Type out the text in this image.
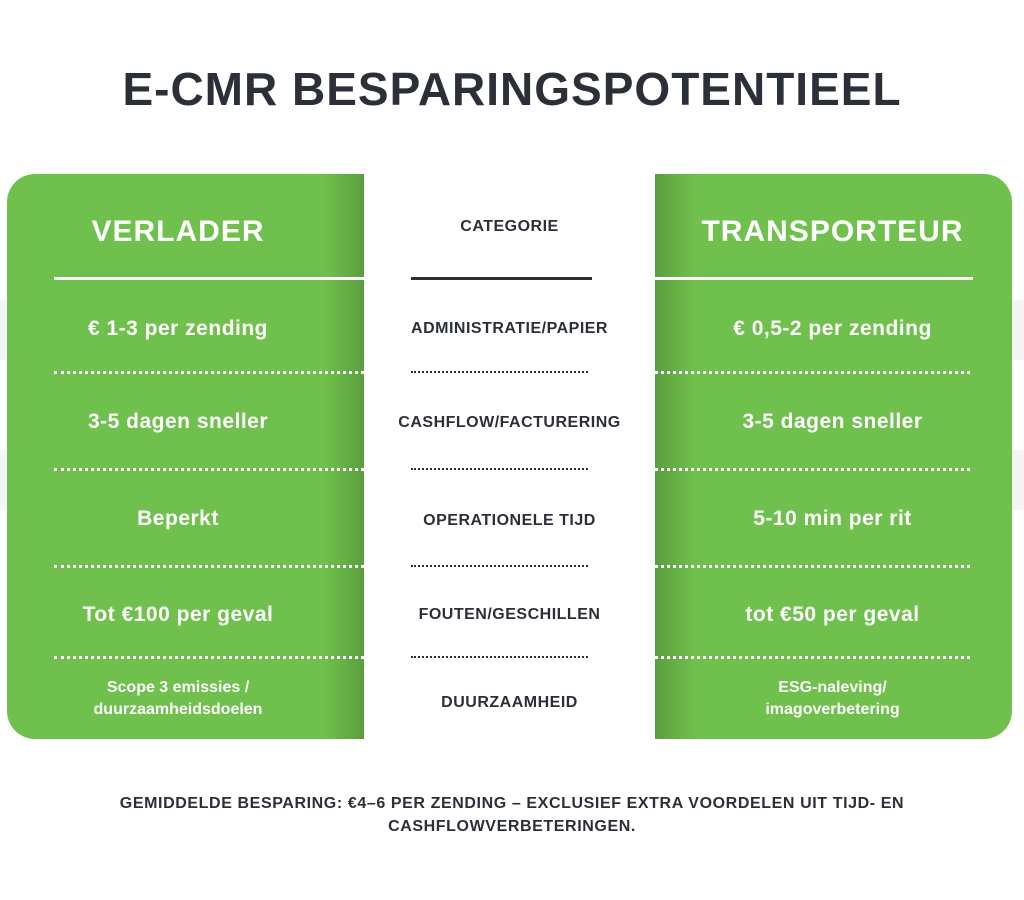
E-CMR BESPARINGSPOTENTIEEL
VERLADER
€ 1-3 per zending
3-5 dagen sneller
Beperkt
Tot €100 per geval
Scope 3 emissies / duurzaamheidsdoelen
CATEGORIE
ADMINISTRATIE/PAPIER
CASHFLOW/FACTURERING
OPERATIONELE TIJD
FOUTEN/GESCHILLEN
DUURZAAMHEID
TRANSPORTEUR
€ 0,5-2 per zending
3-5 dagen sneller
5-10 min per rit
tot €50 per geval
ESG-naleving/ imagoverbetering
GEMIDDELDE BESPARING: €4–6 PER ZENDING – EXCLUSIEF EXTRA VOORDELEN UIT TIJD- EN CASHFLOWVERBETERINGEN.
